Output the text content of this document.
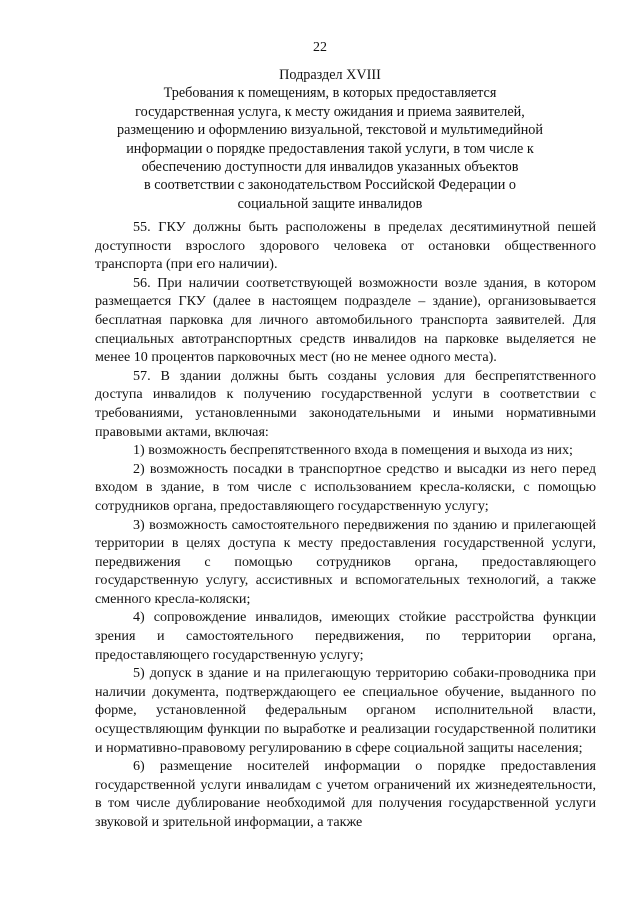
22
Подраздел XVIII
Требования к помещениям, в которых предоставляется
государственная услуга, к месту ожидания и приема заявителей,
размещению и оформлению визуальной, текстовой и мультимедийной
информации о порядке предоставления такой услуги, в том числе к
обеспечению доступности для инвалидов указанных объектов
в соответствии с законодательством Российской Федерации о
социальной защите инвалидов

55. ГКУ должны быть расположены в пределах десятиминутной пешей доступности взрослого здорового человека от остановки общественного транспорта (при его наличии).

56. При наличии соответствующей возможности возле здания, в котором размещается ГКУ (далее в настоящем подразделе – здание), организовывается бесплатная парковка для личного автомобильного транспорта заявителей. Для специальных автотранспортных средств инвалидов на парковке выделяется не менее 10 процентов парковочных мест (но не менее одного места).

57. В здании должны быть созданы условия для беспрепятственного доступа инвалидов к получению государственной услуги в соответствии с требованиями, установленными законодательными и иными нормативными правовыми актами, включая:

1) возможность беспрепятственного входа в помещения и выхода из них;

2) возможность посадки в транспортное средство и высадки из него перед входом в здание, в том числе с использованием кресла-коляски, с помощью сотрудников органа, предоставляющего государственную услугу;

3) возможность самостоятельного передвижения по зданию и прилегающей территории в целях доступа к месту предоставления государственной услуги, передвижения с помощью сотрудников органа, предоставляющего государственную услугу, ассистивных и вспомогательных технологий, а также сменного кресла-коляски;

4) сопровождение инвалидов, имеющих стойкие расстройства функции зрения и самостоятельного передвижения, по территории органа, предоставляющего государственную услугу;

5) допуск в здание и на прилегающую территорию собаки-проводника при наличии документа, подтверждающего ее специальное обучение, выданного по форме, установленной федеральным органом исполнительной власти, осуществляющим функции по выработке и реализации государственной политики и нормативно-правовому регулированию в сфере социальной защиты населения;

6) размещение носителей информации о порядке предоставления государственной услуги инвалидам с учетом ограничений их жизнедеятельности, в том числе дублирование необходимой для получения государственной услуги звуковой и зрительной информации, а также
